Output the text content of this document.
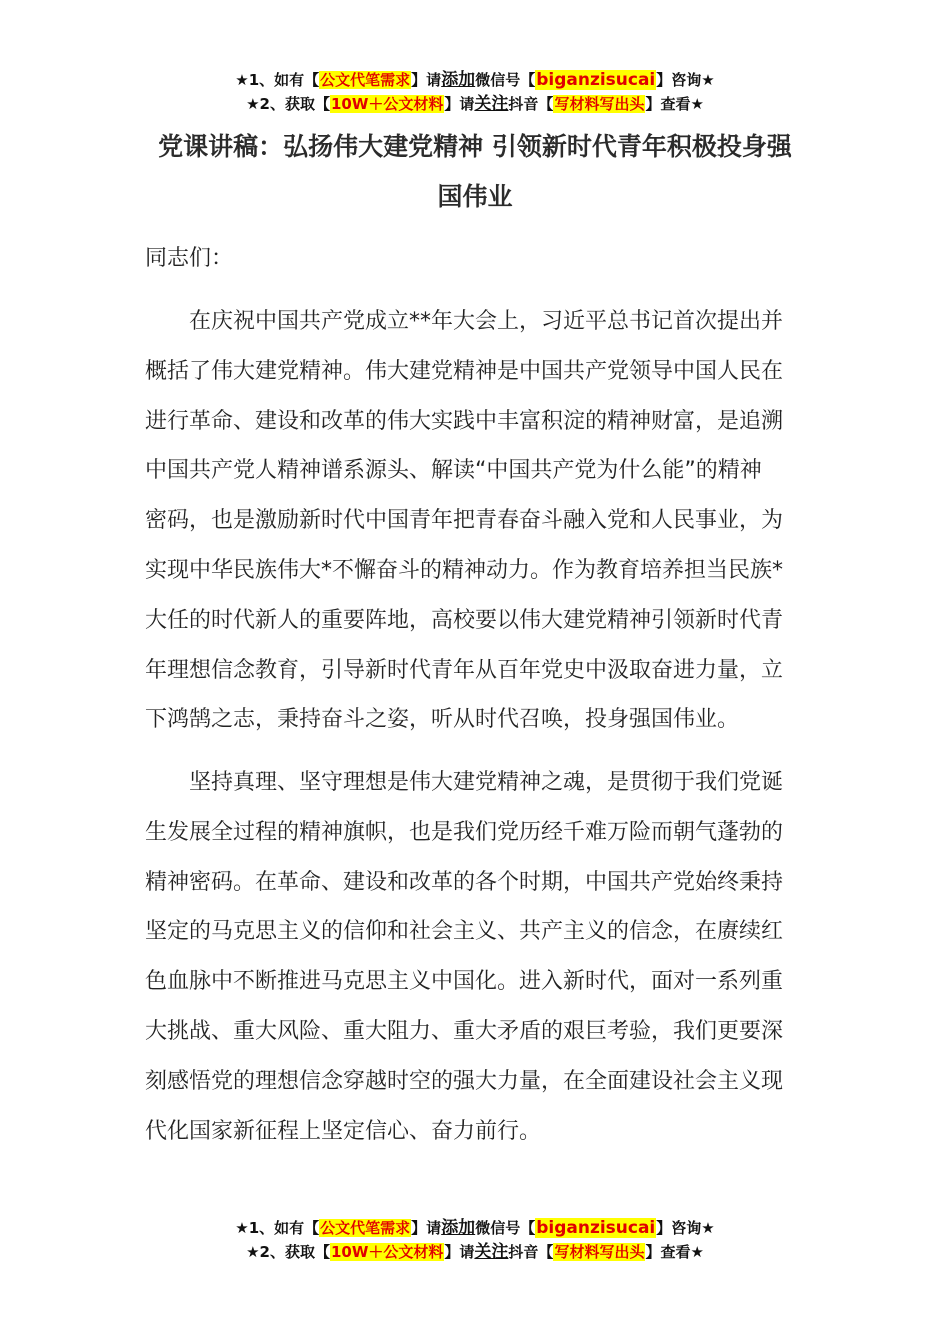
★1、如有【公文代笔需求】请添加微信号【biganzisucai】咨询★
★2、获取【10W＋公文材料】请关注抖音【写材料写出头】查看★
党课讲稿：弘扬伟大建党精神 引领新时代青年积极投身强
国伟业
同志们：
　　在庆祝中国共产党成立**年大会上，习近平总书记首次提出并
概括了伟大建党精神。伟大建党精神是中国共产党领导中国人民在
进行革命、建设和改革的伟大实践中丰富积淀的精神财富，是追溯
中国共产党人精神谱系源头、解读“中国共产党为什么能”的精神
密码，也是激励新时代中国青年把青春奋斗融入党和人民事业，为
实现中华民族伟大*不懈奋斗的精神动力。作为教育培养担当民族*
大任的时代新人的重要阵地，高校要以伟大建党精神引领新时代青
年理想信念教育，引导新时代青年从百年党史中汲取奋进力量，立
下鸿鹄之志，秉持奋斗之姿，听从时代召唤，投身强国伟业。
　　坚持真理、坚守理想是伟大建党精神之魂，是贯彻于我们党诞
生发展全过程的精神旗帜，也是我们党历经千难万险而朝气蓬勃的
精神密码。在革命、建设和改革的各个时期，中国共产党始终秉持
坚定的马克思主义的信仰和社会主义、共产主义的信念，在赓续红
色血脉中不断推进马克思主义中国化。进入新时代，面对一系列重
大挑战、重大风险、重大阻力、重大矛盾的艰巨考验，我们更要深
刻感悟党的理想信念穿越时空的强大力量，在全面建设社会主义现
代化国家新征程上坚定信心、奋力前行。
★1、如有【公文代笔需求】请添加微信号【biganzisucai】咨询★
★2、获取【10W＋公文材料】请关注抖音【写材料写出头】查看★
